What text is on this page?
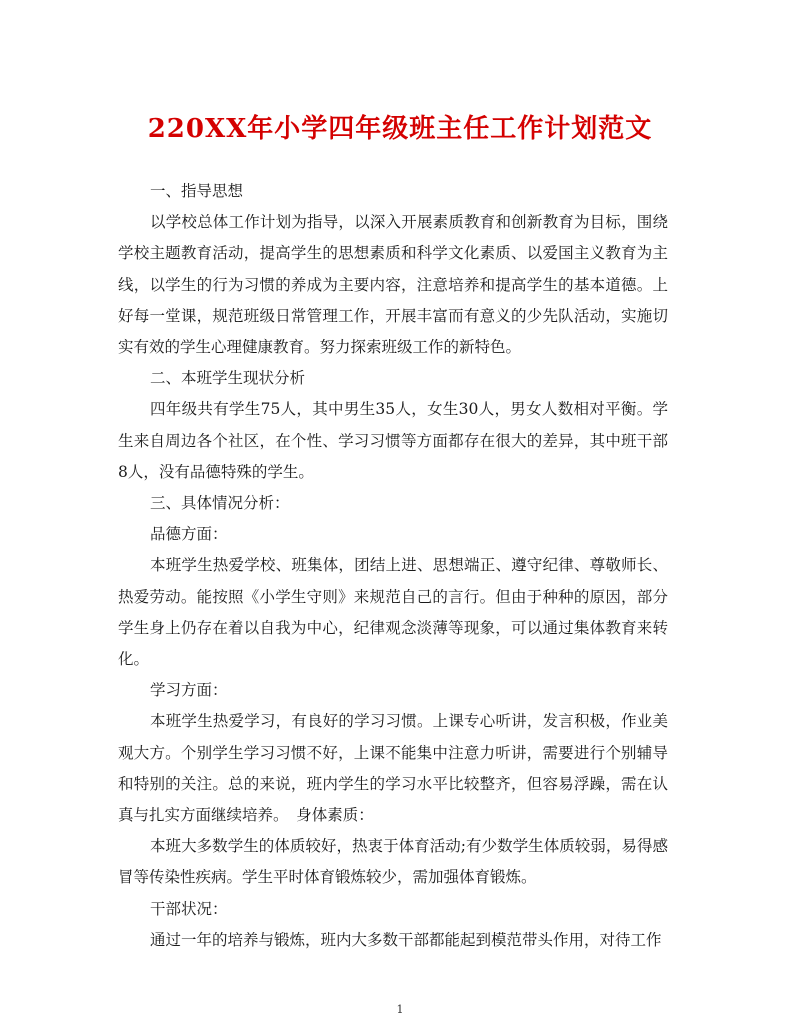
220XX年小学四年级班主任工作计划范文

一、指导思想

以学校总体工作计划为指导，以深入开展素质教育和创新教育为目标，围绕学校主题教育活动，提高学生的思想素质和科学文化素质、以爱国主义教育为主线，以学生的行为习惯的养成为主要内容，注意培养和提高学生的基本道德。上好每一堂课，规范班级日常管理工作，开展丰富而有意义的少先队活动，实施切实有效的学生心理健康教育。努力探索班级工作的新特色。

二、本班学生现状分析

四年级共有学生75人，其中男生35人，女生30人，男女人数相对平衡。学生来自周边各个社区，在个性、学习习惯等方面都存在很大的差异，其中班干部8人，没有品德特殊的学生。

三、具体情况分析：

品德方面：

本班学生热爱学校、班集体，团结上进、思想端正、遵守纪律、尊敬师长、热爱劳动。能按照《小学生守则》来规范自己的言行。但由于种种的原因，部分学生身上仍存在着以自我为中心，纪律观念淡薄等现象，可以通过集体教育来转化。

学习方面：

本班学生热爱学习，有良好的学习习惯。上课专心听讲，发言积极，作业美观大方。个别学生学习习惯不好，上课不能集中注意力听讲，需要进行个别辅导和特别的关注。总的来说，班内学生的学习水平比较整齐，但容易浮躁，需在认真与扎实方面继续培养。　身体素质：

本班大多数学生的体质较好，热衷于体育活动;有少数学生体质较弱，易得感冒等传染性疾病。学生平时体育锻炼较少，需加强体育锻炼。

干部状况：

通过一年的培养与锻炼，班内大多数干部都能起到模范带头作用，对待工作

1
